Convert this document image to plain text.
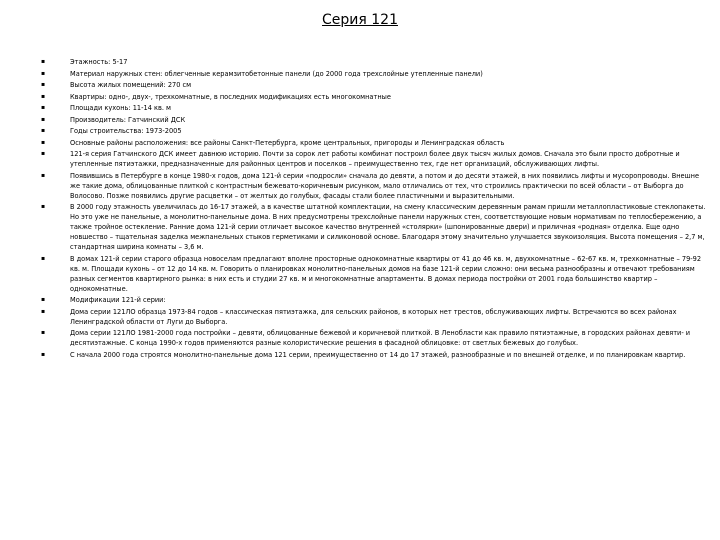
Серия 121
▪ Этажность: 5-17
▪ Материал наружных стен: облегченные керамзитобетонные панели (до 2000 года трехслойные утепленные панели)
▪ Высота жилых помещений: 270 см
▪ Квартиры: одно-, двух-, трехкомнатные, в последних модификациях есть многокомнатные
▪ Площади кухонь: 11-14 кв. м
▪ Производитель: Гатчинский ДСК
▪ Годы строительства: 1973-2005
▪ Основные районы расположения: все районы Санкт-Петербурга, кроме центральных, пригороды и Ленинградская область
▪ 121-я серия Гатчинского ДСК имеет давнюю историю. Почти за сорок лет работы комбинат построил более двух тысяч жилых домов. Сначала это были просто добротные и утепленные пятиэтажки, предназначенные для районных центров и поселков – преимущественно тех, где нет организаций, обслуживающих лифты.
▪ Появившись в Петербурге в конце 1980-х годов, дома 121-й серии «подросли» сначала до девяти, а потом и до десяти этажей, в них появились лифты и мусоропроводы. Внешне же такие дома, облицованные плиткой с контрастным бежевато-коричневым рисунком, мало отличались от тех, что строились практически по всей области – от Выборга до Волосово. Позже появились другие расцветки – от желтых до голубых, фасады стали более пластичными и выразительными.
▪ В 2000 году этажность увеличилась до 16-17 этажей, а в качестве штатной комплектации, на смену классическим деревянным рамам пришли металлопластиковые стеклопакеты. Но это уже не панельные, а монолитно-панельные дома. В них предусмотрены трехслойные панели наружных стен, соответствующие новым нормативам по теплосбережению, а также тройное остекление. Ранние дома 121-й серии отличает высокое качество внутренней «столярки» (шпонированные двери) и приличная «родная» отделка. Еще одно новшество – тщательная заделка межпанельных стыков герметиками и силиконовой основе. Благодаря этому значительно улучшается звукоизоляция. Высота помещения – 2,7 м, стандартная ширина комнаты – 3,6 м.
▪ В домах 121-й серии старого образца новоселам предлагают вполне просторные однокомнатные квартиры от 41 до 46 кв. м, двухкомнатные – 62-67 кв. м, трехкомнатные – 79-92 кв. м. Площади кухонь – от 12 до 14 кв. м. Говорить о планировках монолитно-панельных домов на базе 121-й серии сложно: они весьма разнообразны и отвечают требованиям разных сегментов квартирного рынка: в них есть и студии 27 кв. м и многокомнатные апартаменты. В домах периода постройки от 2001 года большинство квартир – однокомнатные.
▪ Модификации 121-й серии:
▪ Дома серии 121ЛО образца 1973-84 годов – классическая пятиэтажка, для сельских районов, в которых нет трестов, обслуживающих лифты. Встречаются во всех районах Ленинградской области от Луги до Выборга.
▪ Дома серии 121ЛО 1981-2000 года постройки – девяти, облицованные бежевой и коричневой плиткой. В Ленобласти как правило пятиэтажные, в городских районах девяти- и десятиэтажные. С конца 1990-х годов применяются разные колористические решения в фасадной облицовке: от светлых бежевых до голубых.
▪ С начала 2000 года строятся монолитно-панельные дома 121 серии, преимущественно от 14 до 17 этажей, разнообразные и по внешней отделке, и по планировкам квартир.
